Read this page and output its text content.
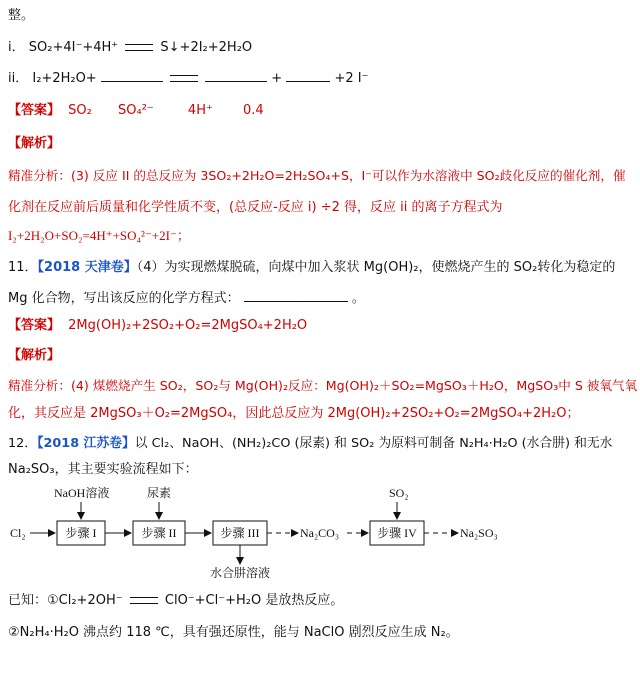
整。
i． SO₂+4I⁻+4H⁺	S↓+2I₂+2H₂O
ii． I₂+2H₂O+	+	+2 I⁻
【答案】 SO₂ SO₄²⁻	4H⁺ 0.4
【解析】
精准分析：(3) 反应 II 的总反应为 3SO₂+2H₂O=2H₂SO₄+S，I⁻可以作为水溶液中 SO₂歧化反应的催化剂，催
化剂在反应前后质量和化学性质不变，(总反应-反应 i) ÷2 得，反应 ii 的离子方程式为
I₂+2H₂O+SO₂=4H⁺+SO₄²⁻+2I⁻；
11．【2018 天津卷】（4）为实现燃煤脱硫，向煤中加入浆状 Mg(OH)₂，使燃烧产生的 SO₂转化为稳定的
Mg 化合物，写出该反应的化学方程式：	。
【答案】 2Mg(OH)₂+2SO₂+O₂=2MgSO₄+2H₂O
【解析】
精准分析：(4) 煤燃烧产生 SO₂，SO₂与 Mg(OH)₂反应：Mg(OH)₂＋SO₂=MgSO₃＋H₂O，MgSO₃中 S 被氧气氧
化，其反应是 2MgSO₃＋O₂=2MgSO₄，因此总反应为 2Mg(OH)₂+2SO₂+O₂=2MgSO₄+2H₂O；
12．【2018 江苏卷】以 Cl₂、NaOH、(NH₂)₂CO (尿素) 和 SO₂ 为原料可制备 N₂H₄·H₂O (水合肼) 和无水
Na₂SO₃，其主要实验流程如下：
NaOH溶液	尿素	SO₂
Cl₂	步骤 I	步骤 II	步骤 III	Na₂CO₃	步骤 IV	Na₂SO₃
水合肼溶液
已知：①Cl₂+2OH⁻	ClO⁻+Cl⁻+H₂O 是放热反应。
②N₂H₄·H₂O 沸点约 118 ℃，具有强还原性，能与 NaClO 剧烈反应生成 N₂。
